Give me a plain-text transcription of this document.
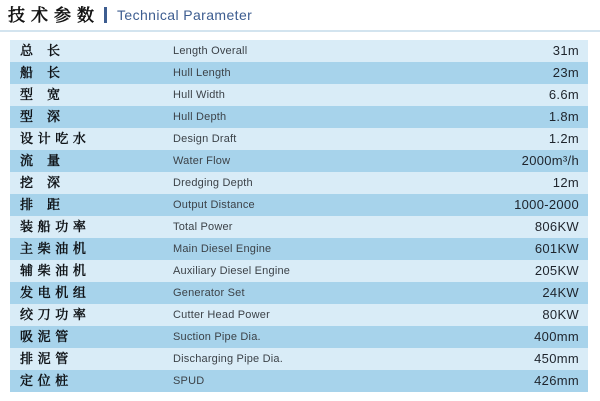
技术参数 Technical Parameter
总　长	Length Overall	31m
船　长	Hull Length	23m
型　宽	Hull Width	6.6m
型　深	Hull Depth	1.8m
设 计 吃 水	Design Draft	1.2m
流　量	Water Flow	2000m³/h
挖　深	Dredging Depth	12m
排　距	Output Distance	1000-2000
装 船 功 率	Total Power	806KW
主 柴 油 机	Main Diesel Engine	601KW
辅 柴 油 机	Auxiliary Diesel Engine	205KW
发 电 机 组	Generator Set	24KW
绞 刀 功 率	Cutter Head Power	80KW
吸 泥 管	Suction Pipe Dia.	400mm
排 泥 管	Discharging Pipe Dia.	450mm
定 位 桩	SPUD	426mm
